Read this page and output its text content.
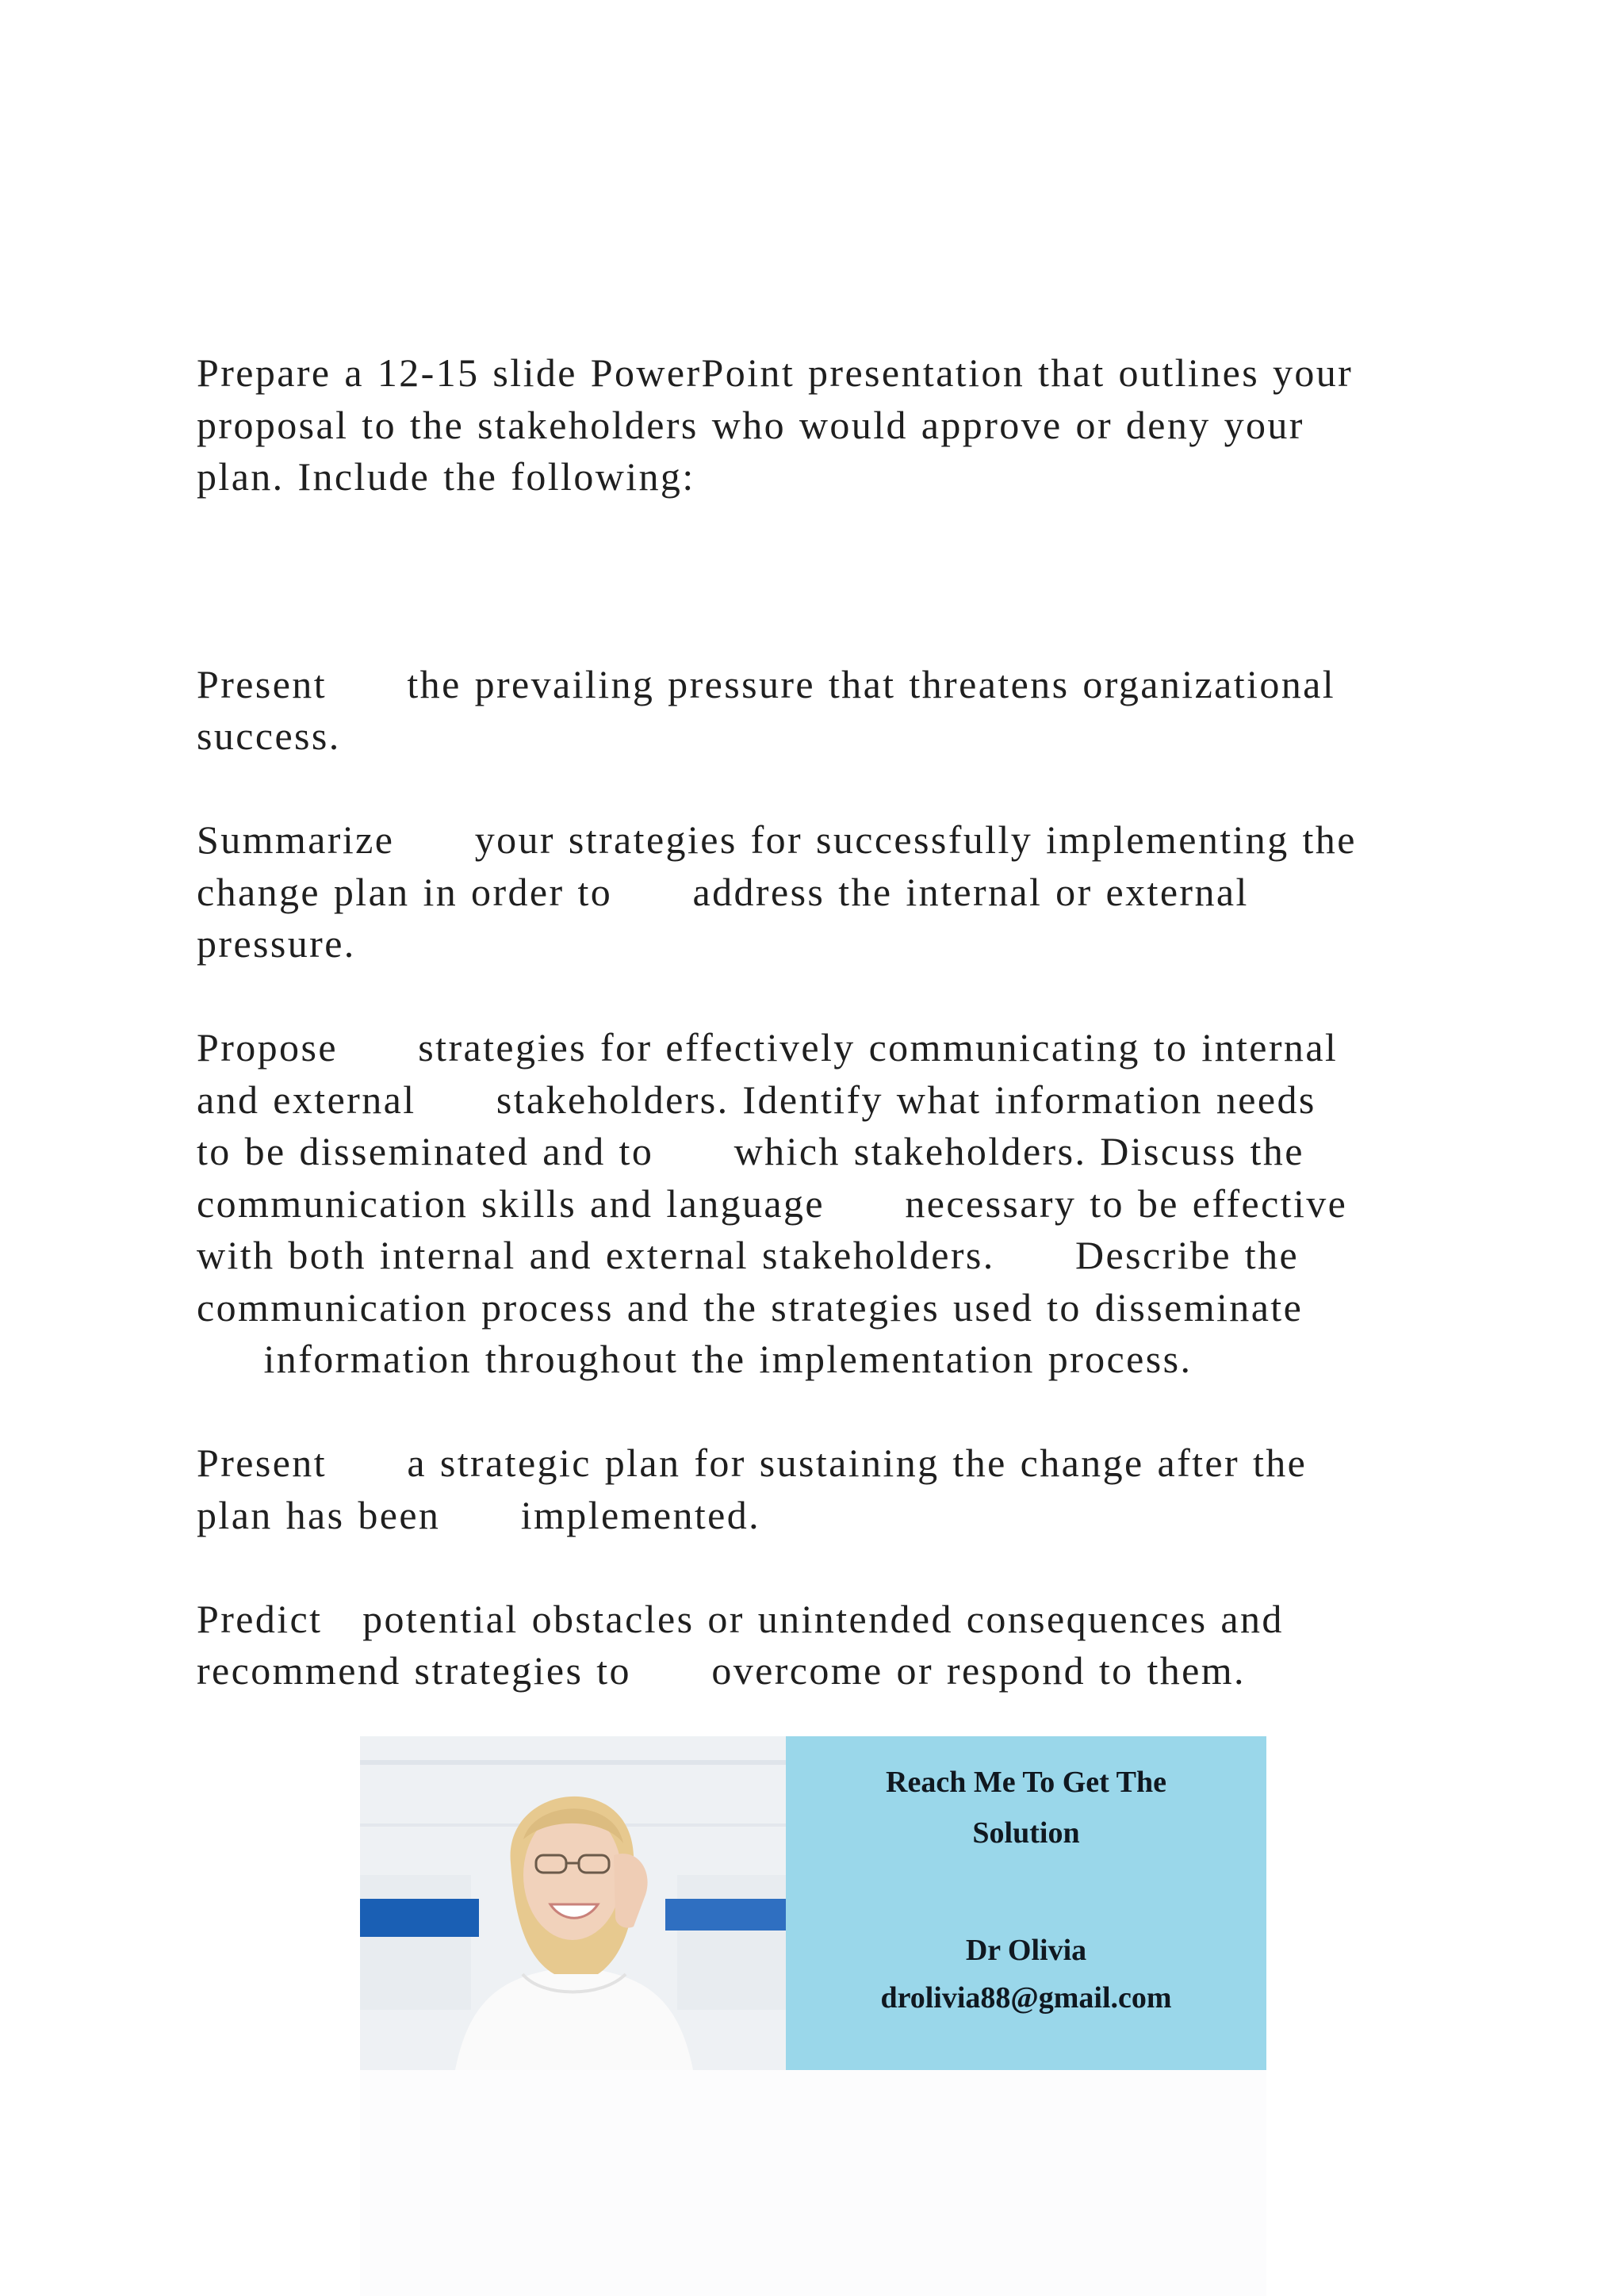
Prepare a 12-15 slide PowerPoint presentation that outlines your
proposal to the stakeholders who would approve or deny your
plan. Include the following:
Present      the prevailing pressure that threatens organizational
success.
Summarize      your strategies for successfully implementing the
change plan in order to      address the internal or external
pressure.
Propose      strategies for effectively communicating to internal
and external      stakeholders. Identify what information needs
to be disseminated and to      which stakeholders. Discuss the
communication skills and language      necessary to be effective
with both internal and external stakeholders.      Describe the
communication process and the strategies used to disseminate
information throughout the implementation process.
Present      a strategic plan for sustaining the change after the
plan has been      implemented.
Predict   potential obstacles or unintended consequences and
recommend strategies to      overcome or respond to them.
Reach Me To Get The
Solution
Dr Olivia
drolivia88@gmail.com
